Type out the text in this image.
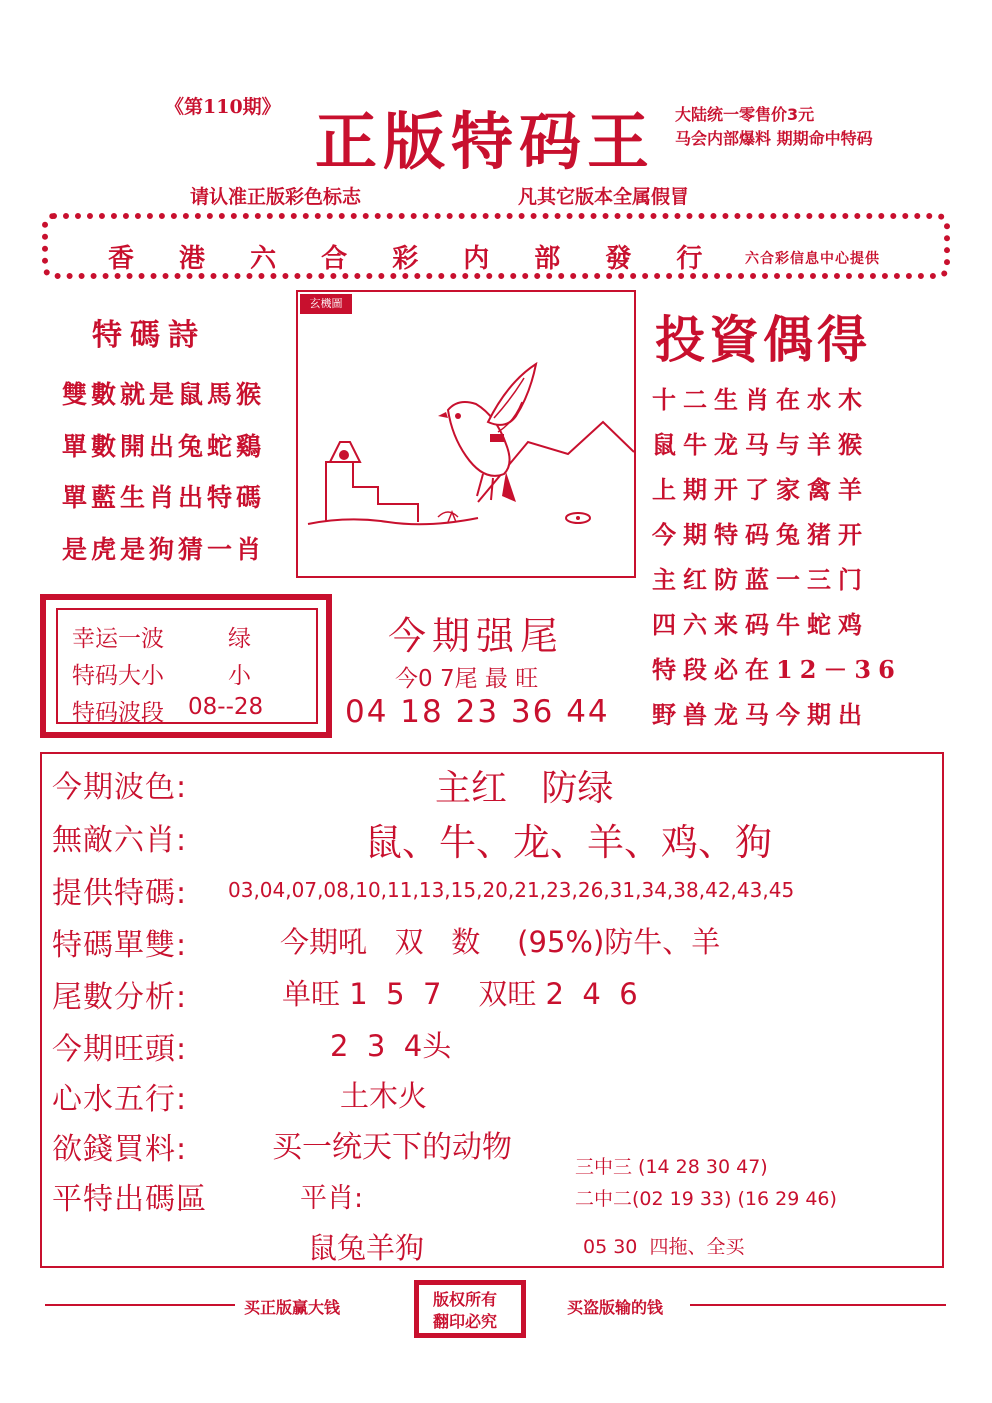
《第110期》 正版特码王 大陆统一零售价3元
马会内部爆料 期期命中特码
请认准正版彩色标志	凡其它版本全属假冒
香 港 六 合 彩 内 部 發 行 六合彩信息中心提供
特碼詩
雙數就是鼠馬猴
單數開出兔蛇鷄
單藍生肖出特碼
是虎是狗猜一肖
玄機圖
投資偶得
十二生肖在水木
鼠牛龙马与羊猴
上期开了家禽羊
今期特码兔猪开
主红防蓝一三门
四六来码牛蛇鸡
特段必在12－36
野兽龙马今期出
幸运一波	绿
特码大小	小
特码波段 08--28
今期强尾
今0 7尾 最 旺
04 18 23 36 44
今期波色:	主红   防绿
無敵六肖:	鼠、牛、龙、羊、鸡、狗
提供特碼: 03,04,07,08,10,11,13,15,20,21,23,26,31,34,38,42,43,45
特碼單雙:	今期吼   双   数    (95%)防牛、羊
尾數分析:	单旺 1  5  7    双旺 2  4  6
今期旺頭:	2  3  4头
心水五行:	土木火
欲錢買料:	买一统天下的动物
平特出碼區	平肖:
鼠兔羊狗
三中三 (14 28 30 47)
二中二(02 19 33) (16 29 46)
05 30  四拖、全买
买正版赢大钱	版权所有
翻印必究
买盗版输的钱
